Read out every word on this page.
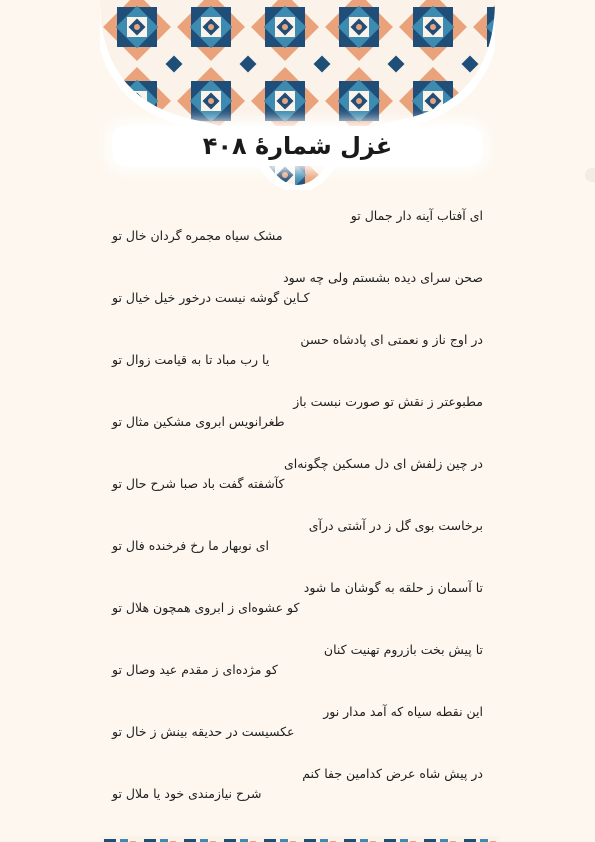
غزل شمارهٔ ۴۰۸
ای آفتاب آینه دار جمال تو
مشک سیاه مجمره گردان خال تو
صحن سرای دیده بشستم ولی چه سود
کـاین گوشه نیست درخور خیل خیال تو
در اوج ناز و نعمتی ای پادشاه حسن
یا رب مباد تا به قیامت زوال تو
مطبوعتر ز نقش تو صورت نبست باز
طغرانویس ابروی مشکین مثال تو
در چین زلفش ای دل مسکین چگونه‌ای
کآشفته گفت باد صبا شرح حال تو
برخاست بوی گل ز در آشتی درآی
ای نوبهار ما رخ فرخنده فال تو
تا آسمان ز حلقه به گوشان ما شود
کو عشوه‌ای ز ابروی همچون هلال تو
تا پیش بخت بازروم تهنیت کنان
کو مژده‌ای ز مقدم عید وصال تو
این نقطه سیاه که آمد مدار نور
عکسیست در حدیقه بینش ز خال تو
در پیش شاه عرض کدامین جفا کنم
شرح نیازمندی خود یا ملال تو
